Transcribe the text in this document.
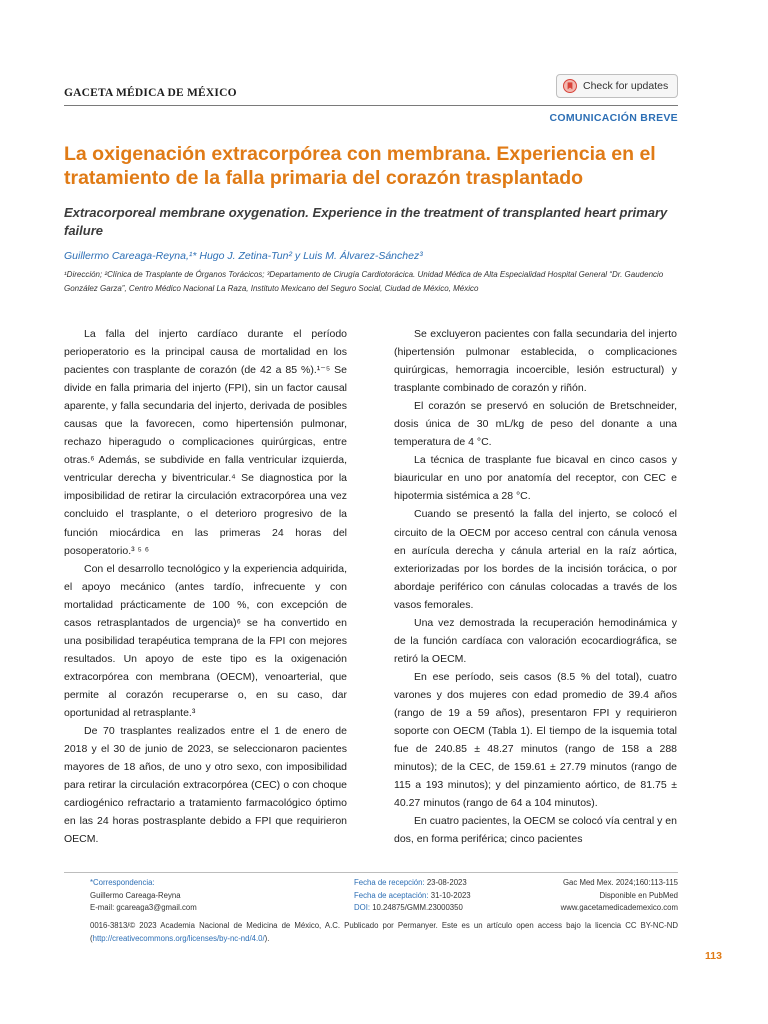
GACETA MÉDICA DE MÉXICO
Check for updates
COMUNICACIÓN BREVE
La oxigenación extracorpórea con membrana. Experiencia en el tratamiento de la falla primaria del corazón trasplantado
Extracorporeal membrane oxygenation. Experience in the treatment of transplanted heart primary failure
Guillermo Careaga-Reyna,¹* Hugo J. Zetina-Tun² y Luis M. Álvarez-Sánchez³
¹Dirección; ²Clínica de Trasplante de Órganos Torácicos; ³Departamento de Cirugía Cardiotorácica. Unidad Médica de Alta Especialidad Hospital General “Dr. Gaudencio González Garza”, Centro Médico Nacional La Raza, Instituto Mexicano del Seguro Social, Ciudad de México, México

La falla del injerto cardíaco durante el período perioperatorio es la principal causa de mortalidad en los pacientes con trasplante de corazón (de 42 a 85 %).¹⁻⁵ Se divide en falla primaria del injerto (FPI), sin un factor causal aparente, y falla secundaria del injerto, derivada de posibles causas que la favorecen, como hipertensión pulmonar, rechazo hiperagudo o complicaciones quirúrgicas, entre otras.⁶ Además, se subdivide en falla ventricular izquierda, ventricular derecha y biventricular.⁴ Se diagnostica por la imposibilidad de retirar la circulación extracorpórea una vez concluido el trasplante, o el deterioro progresivo de la función miocárdica en las primeras 24 horas del posoperatorio.³ ⁵ ⁶

Con el desarrollo tecnológico y la experiencia adquirida, el apoyo mecánico (antes tardío, infrecuente y con mortalidad prácticamente de 100 %, con excepción de casos retrasplantados de urgencia)⁶ se ha convertido en una posibilidad terapéutica temprana de la FPI con mejores resultados. Un apoyo de este tipo es la oxigenación extracorpórea con membrana (OECM), venoarterial, que permite al corazón recuperarse o, en su caso, dar oportunidad al retrasplante.³

De 70 trasplantes realizados entre el 1 de enero de 2018 y el 30 de junio de 2023, se seleccionaron pacientes mayores de 18 años, de uno y otro sexo, con imposibilidad para retirar la circulación extracorpórea (CEC) o con choque cardiogénico refractario a tratamiento farmacológico óptimo en las 24 horas postrasplante debido a FPI que requirieron OECM.

Se excluyeron pacientes con falla secundaria del injerto (hipertensión pulmonar establecida, o complicaciones quirúrgicas, hemorragia incoercible, lesión estructural) y trasplante combinado de corazón y riñón.

El corazón se preservó en solución de Bretschneider, dosis única de 30 mL/kg de peso del donante a una temperatura de 4 °C.

La técnica de trasplante fue bicaval en cinco casos y biauricular en uno por anatomía del receptor, con CEC e hipotermia sistémica a 28 °C.

Cuando se presentó la falla del injerto, se colocó el circuito de la OECM por acceso central con cánula venosa en aurícula derecha y cánula arterial en la raíz aórtica, exteriorizadas por los bordes de la incisión torácica, o por abordaje periférico con cánulas colocadas a través de los vasos femorales.

Una vez demostrada la recuperación hemodinámica y de la función cardíaca con valoración ecocardiográfica, se retiró la OECM.

En ese período, seis casos (8.5 % del total), cuatro varones y dos mujeres con edad promedio de 39.4 años (rango de 19 a 59 años), presentaron FPI y requirieron soporte con OECM (Tabla 1). El tiempo de la isquemia total fue de 240.85 ± 48.27 minutos (rango de 158 a 288 minutos); de la CEC, de 159.61 ± 27.79 minutos (rango de 115 a 193 minutos); y del pinzamiento aórtico, de 81.75 ± 40.27 minutos (rango de 64 a 104 minutos).

En cuatro pacientes, la OECM se colocó vía central y en dos, en forma periférica; cinco pacientes

*Correspondencia:
Guillermo Careaga-Reyna
E-mail: gcareaga3@gmail.com
Fecha de recepción: 23-08-2023
Fecha de aceptación: 31-10-2023
DOI: 10.24875/GMM.23000350
Gac Med Mex. 2024;160:113-115
Disponible en PubMed
www.gacetamedicademexico.com
0016-3813/© 2023 Academia Nacional de Medicina de México, A.C. Publicado por Permanyer. Este es un artículo open access bajo la licencia CC BY-NC-ND (http://creativecommons.org/licenses/by-nc-nd/4.0/).
113
